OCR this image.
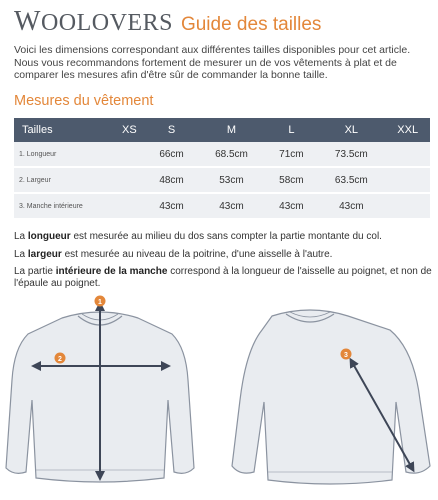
WOOLOVERS Guide des tailles
Voici les dimensions correspondant aux différentes tailles disponibles pour cet article. Nous vous recommandons fortement de mesurer un de vos vêtements à plat et de comparer les mesures afin d'être sûr de commander la bonne taille.
Mesures du vêtement
Tailles	XS	S	M	L	XL	XXL
1. Longueur		66cm	68.5cm	71cm	73.5cm	
2. Largeur		48cm	53cm	58cm	63.5cm	
3. Manche intérieure		43cm	43cm	43cm	43cm	

La longueur est mesurée au milieu du dos sans compter la partie montante du col.

La largeur est mesurée au niveau de la poitrine, d'une aisselle à l'autre.

La partie intérieure de la manche correspond à la longueur de l'aisselle au poignet, et non de l'épaule au poignet.

1
2
3
